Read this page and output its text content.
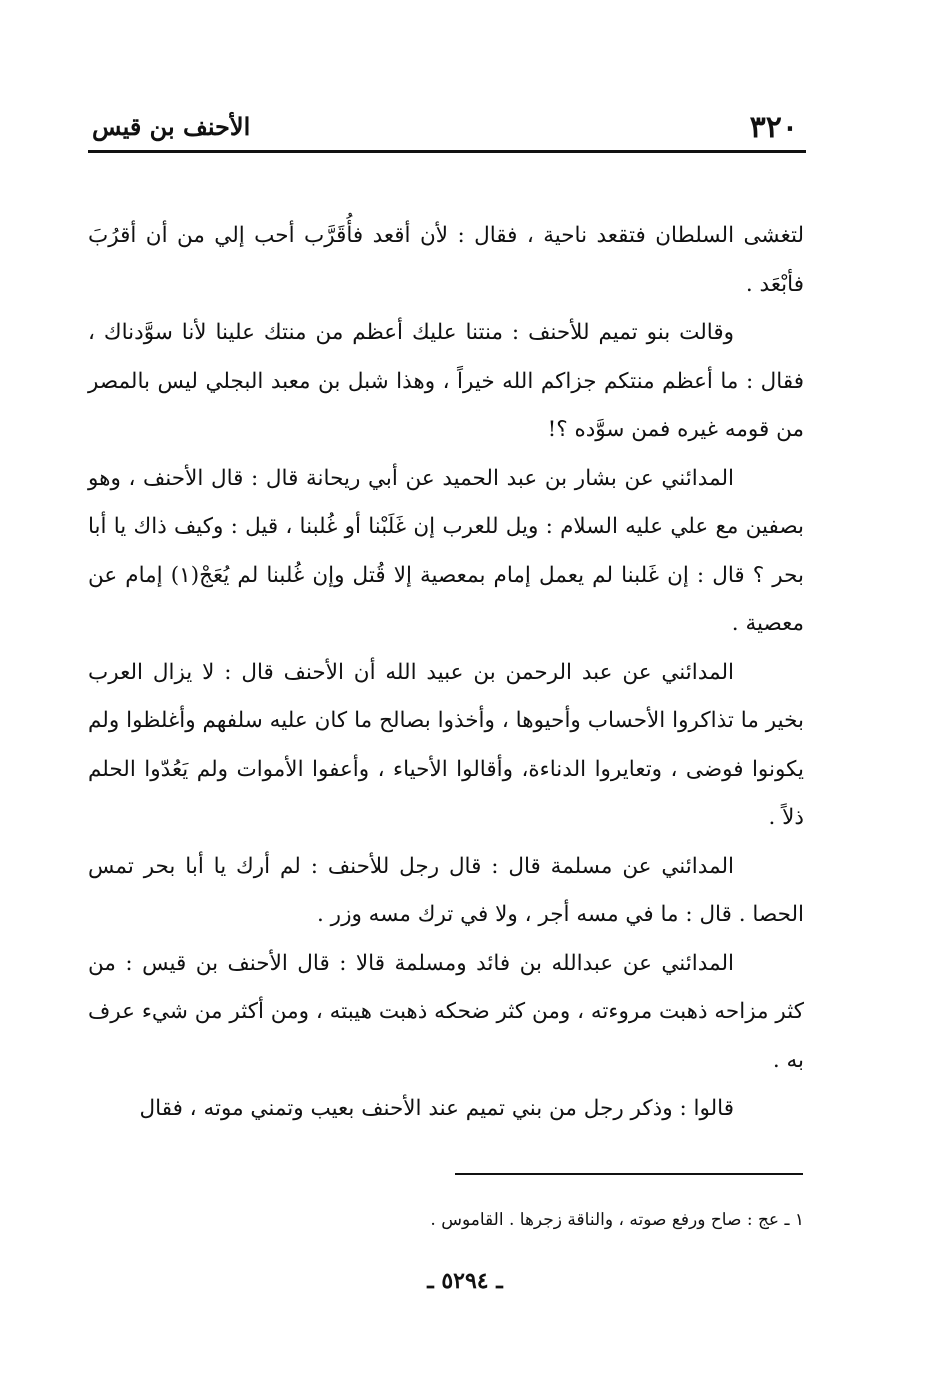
٣٢٠
الأحنف بن قيس

لتغشى السلطان فتقعد ناحية ، فقال : لأن أقعد فأُقَرَّب أحب إلي من أن أقرُبَ فأبْعَد .

وقالت بنو تميم للأحنف : منتنا عليك أعظم من منتك علينا لأنا سوَّدناك ، فقال : ما أعظم منتكم جزاكم الله خيراً ، وهذا شبل بن معبد البجلي ليس بالمصر من قومه غيره فمن سوَّده ؟!

المدائني عن بشار بن عبد الحميد عن أبي ريحانة قال : قال الأحنف ، وهو بصفين مع علي عليه السلام : ويل للعرب إن غَلَبْنا أو غُلبنا ، قيل : وكيف ذاك يا أبا بحر ؟ قال : إن غَلبنا لم يعمل إمام بمعصية إلا قُتل وإن غُلبنا لم يُعَجْ(١) إمام عن معصية .

المدائني عن عبد الرحمن بن عبيد الله أن الأحنف قال : لا يزال العرب بخير ما تذاكروا الأحساب وأحيوها ، وأخذوا بصالح ما كان عليه سلفهم وأغلظوا ولم يكونوا فوضى ، وتعايروا الدناءة، وأقالوا الأحياء ، وأعفوا الأموات ولم يَعُدّوا الحلم ذلاً .

المدائني عن مسلمة قال : قال رجل للأحنف : لم أرك يا أبا بحر تمس الحصا . قال : ما في مسه أجر ، ولا في ترك مسه وزر .

المدائني عن عبدالله بن فائد ومسلمة قالا : قال الأحنف بن قيس : من كثر مزاحه ذهبت مروءته ، ومن كثر ضحكه ذهبت هيبته ، ومن أكثر من شيء عرف به .

قالوا : وذكر رجل من بني تميم عند الأحنف بعيب وتمني موته ، فقال

١ ـ عج : صاح ورفع صوته ، والناقة زجرها . القاموس .
ـ ٥٢٩٤ ـ
